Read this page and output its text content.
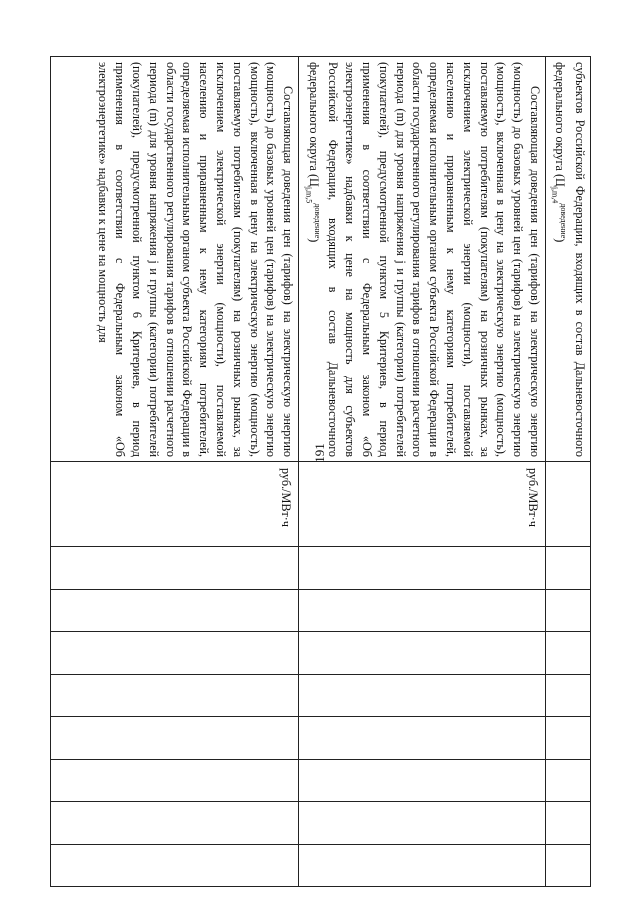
191	субъектов Российской Федерации, входящих в состав Дальневосточного федерального округа $(Ц_{j,m,4}^{доведение})$									

Составляющая доведения цен (тарифов) на электрическую энергию (мощность) до базовых уровней цен (тарифов) на электрическую энергию (мощность), включенная в цену на электрическую энергию (мощность), поставляемую потребителям (покупателям) на розничных рынках, за исключением электрической энергии (мощности), поставляемой населению и приравненным к нему категориям потребителей, определяемая исполнительным органом субъекта Российской Федерации в области государственного регулирования тарифов в отношении расчетного периода (m) для уровня напряжения j и группы (категории) потребителей (покупателей), предусмотренной пунктом 5 Критериев, в период применения в соответствии с Федеральным законом «Об электроэнергетике» надбавки к цене на мощность для субъектов Российской Федерации, входящих в состав Дальневосточного федерального округа $(Ц_{j,m,5}^{доведение})$	руб./МВт·ч								

Составляющая доведения цен (тарифов) на электрическую энергию (мощность) до базовых уровней цен (тарифов) на электрическую энергию (мощность), включенная в цену на электрическую энергию (мощность), поставляемую потребителям (покупателям) на розничных рынках, за исключением электрической энергии (мощности), поставляемой населению и приравненным к нему категориям потребителей, определяемая исполнительным органом субъекта Российской Федерации в области государственного регулирования тарифов в отношении расчетного периода (m) для уровня напряжения j и группы (категории) потребителей (покупателей), предусмотренной пунктом 6 Критериев, в период применения в соответствии с Федеральным законом «Об электроэнергетике» надбавки к цене на мощность для	руб./МВт·ч								
